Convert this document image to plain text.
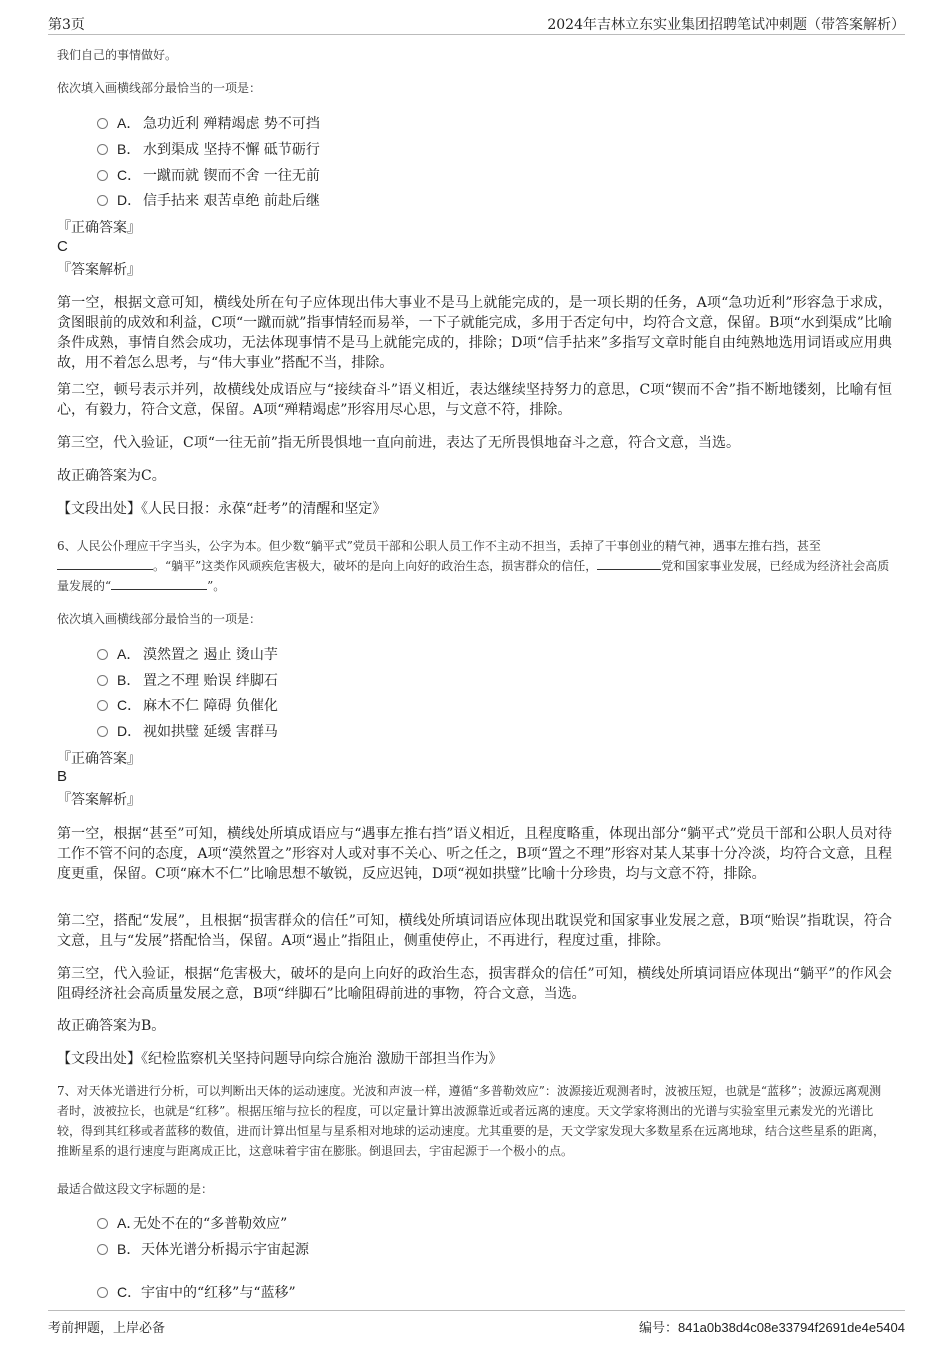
第3页	2024年吉林立东实业集团招聘笔试冲刺题（带答案解析）
我们自己的事情做好。
依次填入画横线部分最恰当的一项是：
A． 急功近利 殚精竭虑 势不可挡
B． 水到渠成 坚持不懈 砥节砺行
C． 一蹴而就 锲而不舍 一往无前
D． 信手拈来 艰苦卓绝 前赴后继
『正确答案』
C
『答案解析』
第一空，根据文意可知，横线处所在句子应体现出伟大事业不是马上就能完成的，是一项长期的任务，A项“急功近利”形容急于求成，贪图眼前的成效和利益，C项“一蹴而就”指事情轻而易举，一下子就能完成，多用于否定句中，均符合文意，保留。B项“水到渠成”比喻条件成熟，事情自然会成功，无法体现事情不是马上就能完成的，排除；D项“信手拈来”多指写文章时能自由纯熟地选用词语或应用典故，用不着怎么思考，与“伟大事业”搭配不当，排除。
第二空，顿号表示并列，故横线处成语应与“接续奋斗”语义相近，表达继续坚持努力的意思，C项“锲而不舍”指不断地镂刻，比喻有恒心，有毅力，符合文意，保留。A项“殚精竭虑”形容用尽心思，与文意不符，排除。
第三空，代入验证，C项“一往无前”指无所畏惧地一直向前进，表达了无所畏惧地奋斗之意，符合文意，当选。
故正确答案为C。
【文段出处】《人民日报：永葆“赶考”的清醒和坚定》
6、人民公仆理应干字当头，公字为本。但少数“躺平式”党员干部和公职人员工作不主动不担当，丢掉了干事创业的精气神，遇事左推右挡，甚至。“躺平”这类作风顽疾危害极大，破坏的是向上向好的政治生态，损害群众的信任，	党和国家事业发展，已经成为经济社会高质量发展的“	”。
依次填入画横线部分最恰当的一项是：
A． 漠然置之 遏止 烫山芋
B． 置之不理 贻误 绊脚石
C． 麻木不仁 障碍 负催化
D． 视如拱璧 延缓 害群马
『正确答案』
B
『答案解析』
第一空，根据“甚至”可知，横线处所填成语应与“遇事左推右挡”语义相近，且程度略重，体现出部分“躺平式”党员干部和公职人员对待工作不管不问的态度，A项“漠然置之”形容对人或对事不关心、听之任之，B项“置之不理”形容对某人某事十分冷淡，均符合文意，且程度更重，保留。C项“麻木不仁”比喻思想不敏锐，反应迟钝，D项“视如拱璧”比喻十分珍贵，均与文意不符，排除。
第二空，搭配“发展”，且根据“损害群众的信任”可知，横线处所填词语应体现出耽误党和国家事业发展之意，B项“贻误”指耽误，符合文意，且与“发展”搭配恰当，保留。A项“遏止”指阻止，侧重使停止，不再进行，程度过重，排除。
第三空，代入验证，根据“危害极大，破坏的是向上向好的政治生态，损害群众的信任”可知，横线处所填词语应体现出“躺平”的作风会阻碍经济社会高质量发展之意，B项“绊脚石”比喻阻碍前进的事物，符合文意，当选。
故正确答案为B。
【文段出处】《纪检监察机关坚持问题导向综合施治 激励干部担当作为》
7、对天体光谱进行分析，可以判断出天体的运动速度。光波和声波一样，遵循“多普勒效应”：波源接近观测者时，波被压短，也就是“蓝移”；波源远离观测者时，波被拉长，也就是“红移”。根据压缩与拉长的程度，可以定量计算出波源靠近或者远离的速度。天文学家将测出的光谱与实验室里元素发光的光谱比较，得到其红移或者蓝移的数值，进而计算出恒星与星系相对地球的运动速度。尤其重要的是，天文学家发现大多数星系在远离地球，结合这些星系的距离，推断星系的退行速度与距离成正比，这意味着宇宙在膨胀。倒退回去，宇宙起源于一个极小的点。
最适合做这段文字标题的是：
A．无处不在的“多普勒效应”
B．天体光谱分析揭示宇宙起源
C．宇宙中的“红移”与“蓝移”
考前押题，上岸必备	编号：841a0b38d4c08e33794f2691de4e5404
